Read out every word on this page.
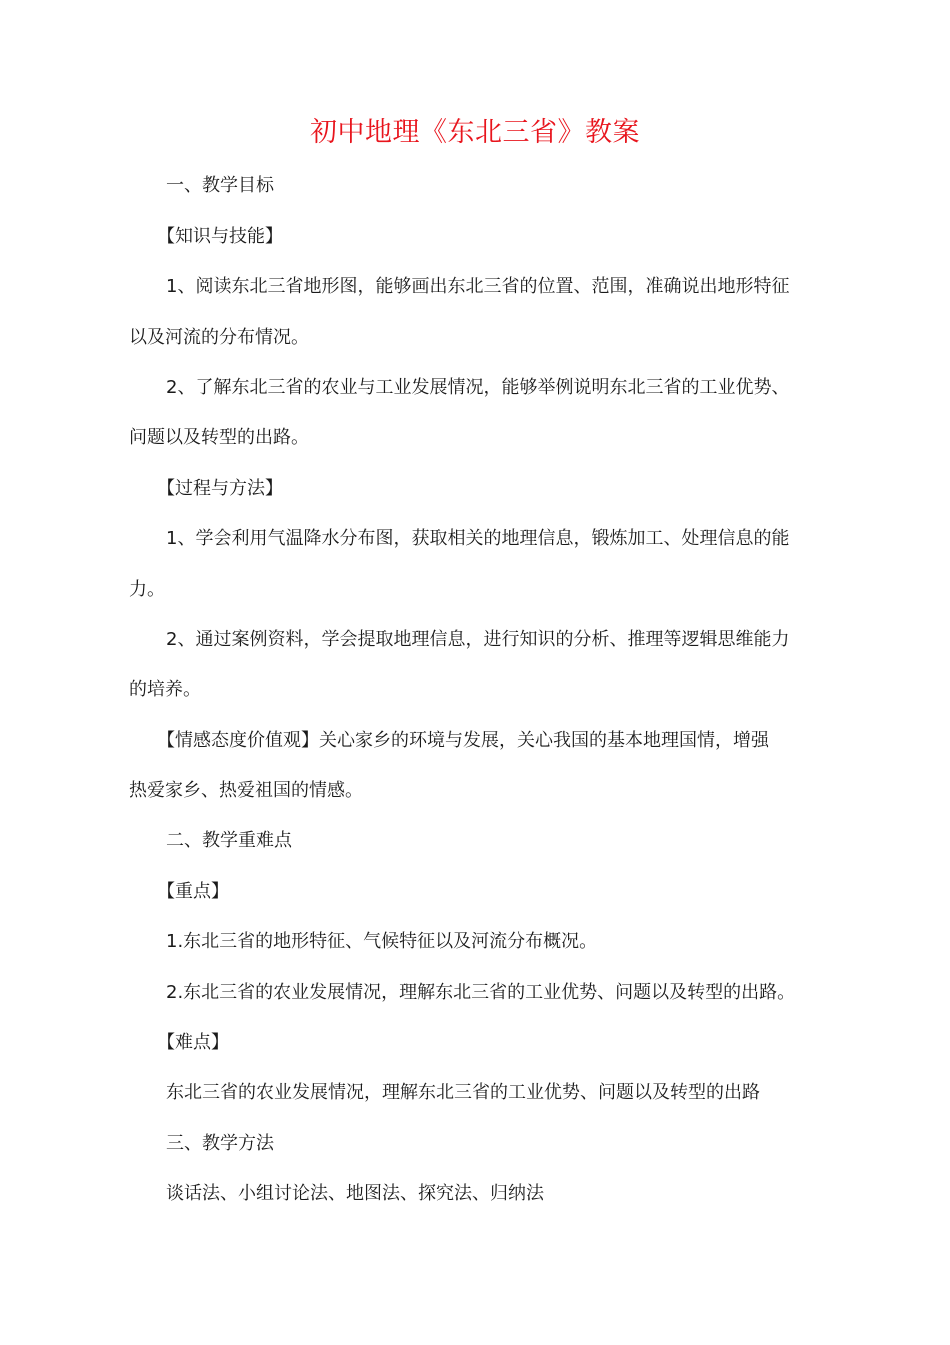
初中地理《东北三省》教案
一、教学目标
【知识与技能】
1、阅读东北三省地形图，能够画出东北三省的位置、范围，准确说出地形特征
以及河流的分布情况。
2、了解东北三省的农业与工业发展情况，能够举例说明东北三省的工业优势、
问题以及转型的出路。
【过程与方法】
1、学会利用气温降水分布图，获取相关的地理信息，锻炼加工、处理信息的能
力。
2、通过案例资料，学会提取地理信息，进行知识的分析、推理等逻辑思维能力
的培养。
【情感态度价值观】关心家乡的环境与发展，关心我国的基本地理国情，增强
热爱家乡、热爱祖国的情感。
二、教学重难点
【重点】
1.东北三省的地形特征、气候特征以及河流分布概况。
2.东北三省的农业发展情况，理解东北三省的工业优势、问题以及转型的出路。
【难点】
东北三省的农业发展情况，理解东北三省的工业优势、问题以及转型的出路
三、教学方法
谈话法、小组讨论法、地图法、探究法、归纳法
